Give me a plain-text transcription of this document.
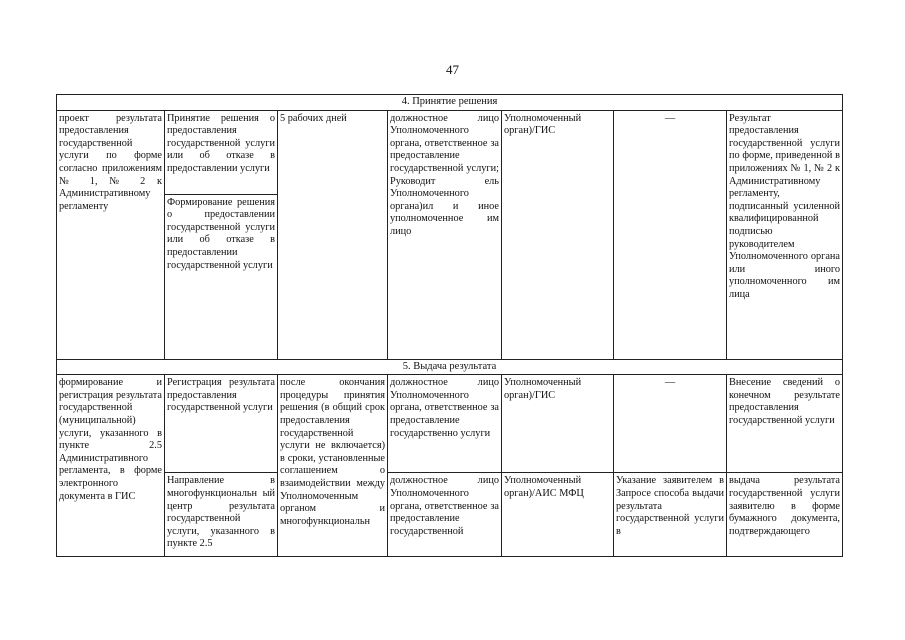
47
4. Принятие решения						
проект результата предоставления государственной услуги по форме согласно приложениям № 1, № 2 к Административному регламенту	Принятие решения о предоставления государственной услуги или об отказе в предоставлении услуги	5 рабочих дней	должностное лицо Уполномоченного органа, ответственное за предоставление государственной услуги; Руководит ель Уполномоченного органа)ил и иное уполномоченное им лицо	Уполномоченный орган)/ГИС	—	Результат предоставления государственной услуги по форме, приведенной в приложениях № 1, № 2 к Административному регламенту, подписанный усиленной квалифицированной подписью руководителем Уполномоченного органа или иного уполномоченного им лица
	Формирование решения о предоставлении государственной услуги или об отказе в предоставлении государственной услуги					
5. Выдача результата						
формирование и регистрация результата государственной (муниципальной) услуги, указанного в пункте 2.5 Административного регламента, в форме электронного документа в ГИС	Регистрация результата предоставления государственной услуги	после окончания процедуры принятия решения (в общий срок предоставления государственной услуги не включается) в сроки, установленные соглашением о взаимодействии между Уполномоченным органом и многофункциональн	должностное лицо Уполномоченного органа, ответственное за предоставление государственно услуги	Уполномоченный орган)/ГИС	—	Внесение сведений о конечном результате предоставления государственной услуги

	Направление в многофункциональн ый центр результата государственной услуги, указанного в пункте 2.5		должностное лицо Уполномоченного органа, ответственное за предоставление государственной	Уполномоченный орган)/АИС МФЦ	Указание заявителем в Запросе способа выдачи результата государственной услуги в	выдача результата государственной услуги заявителю в форме бумажного документа, подтверждающего
